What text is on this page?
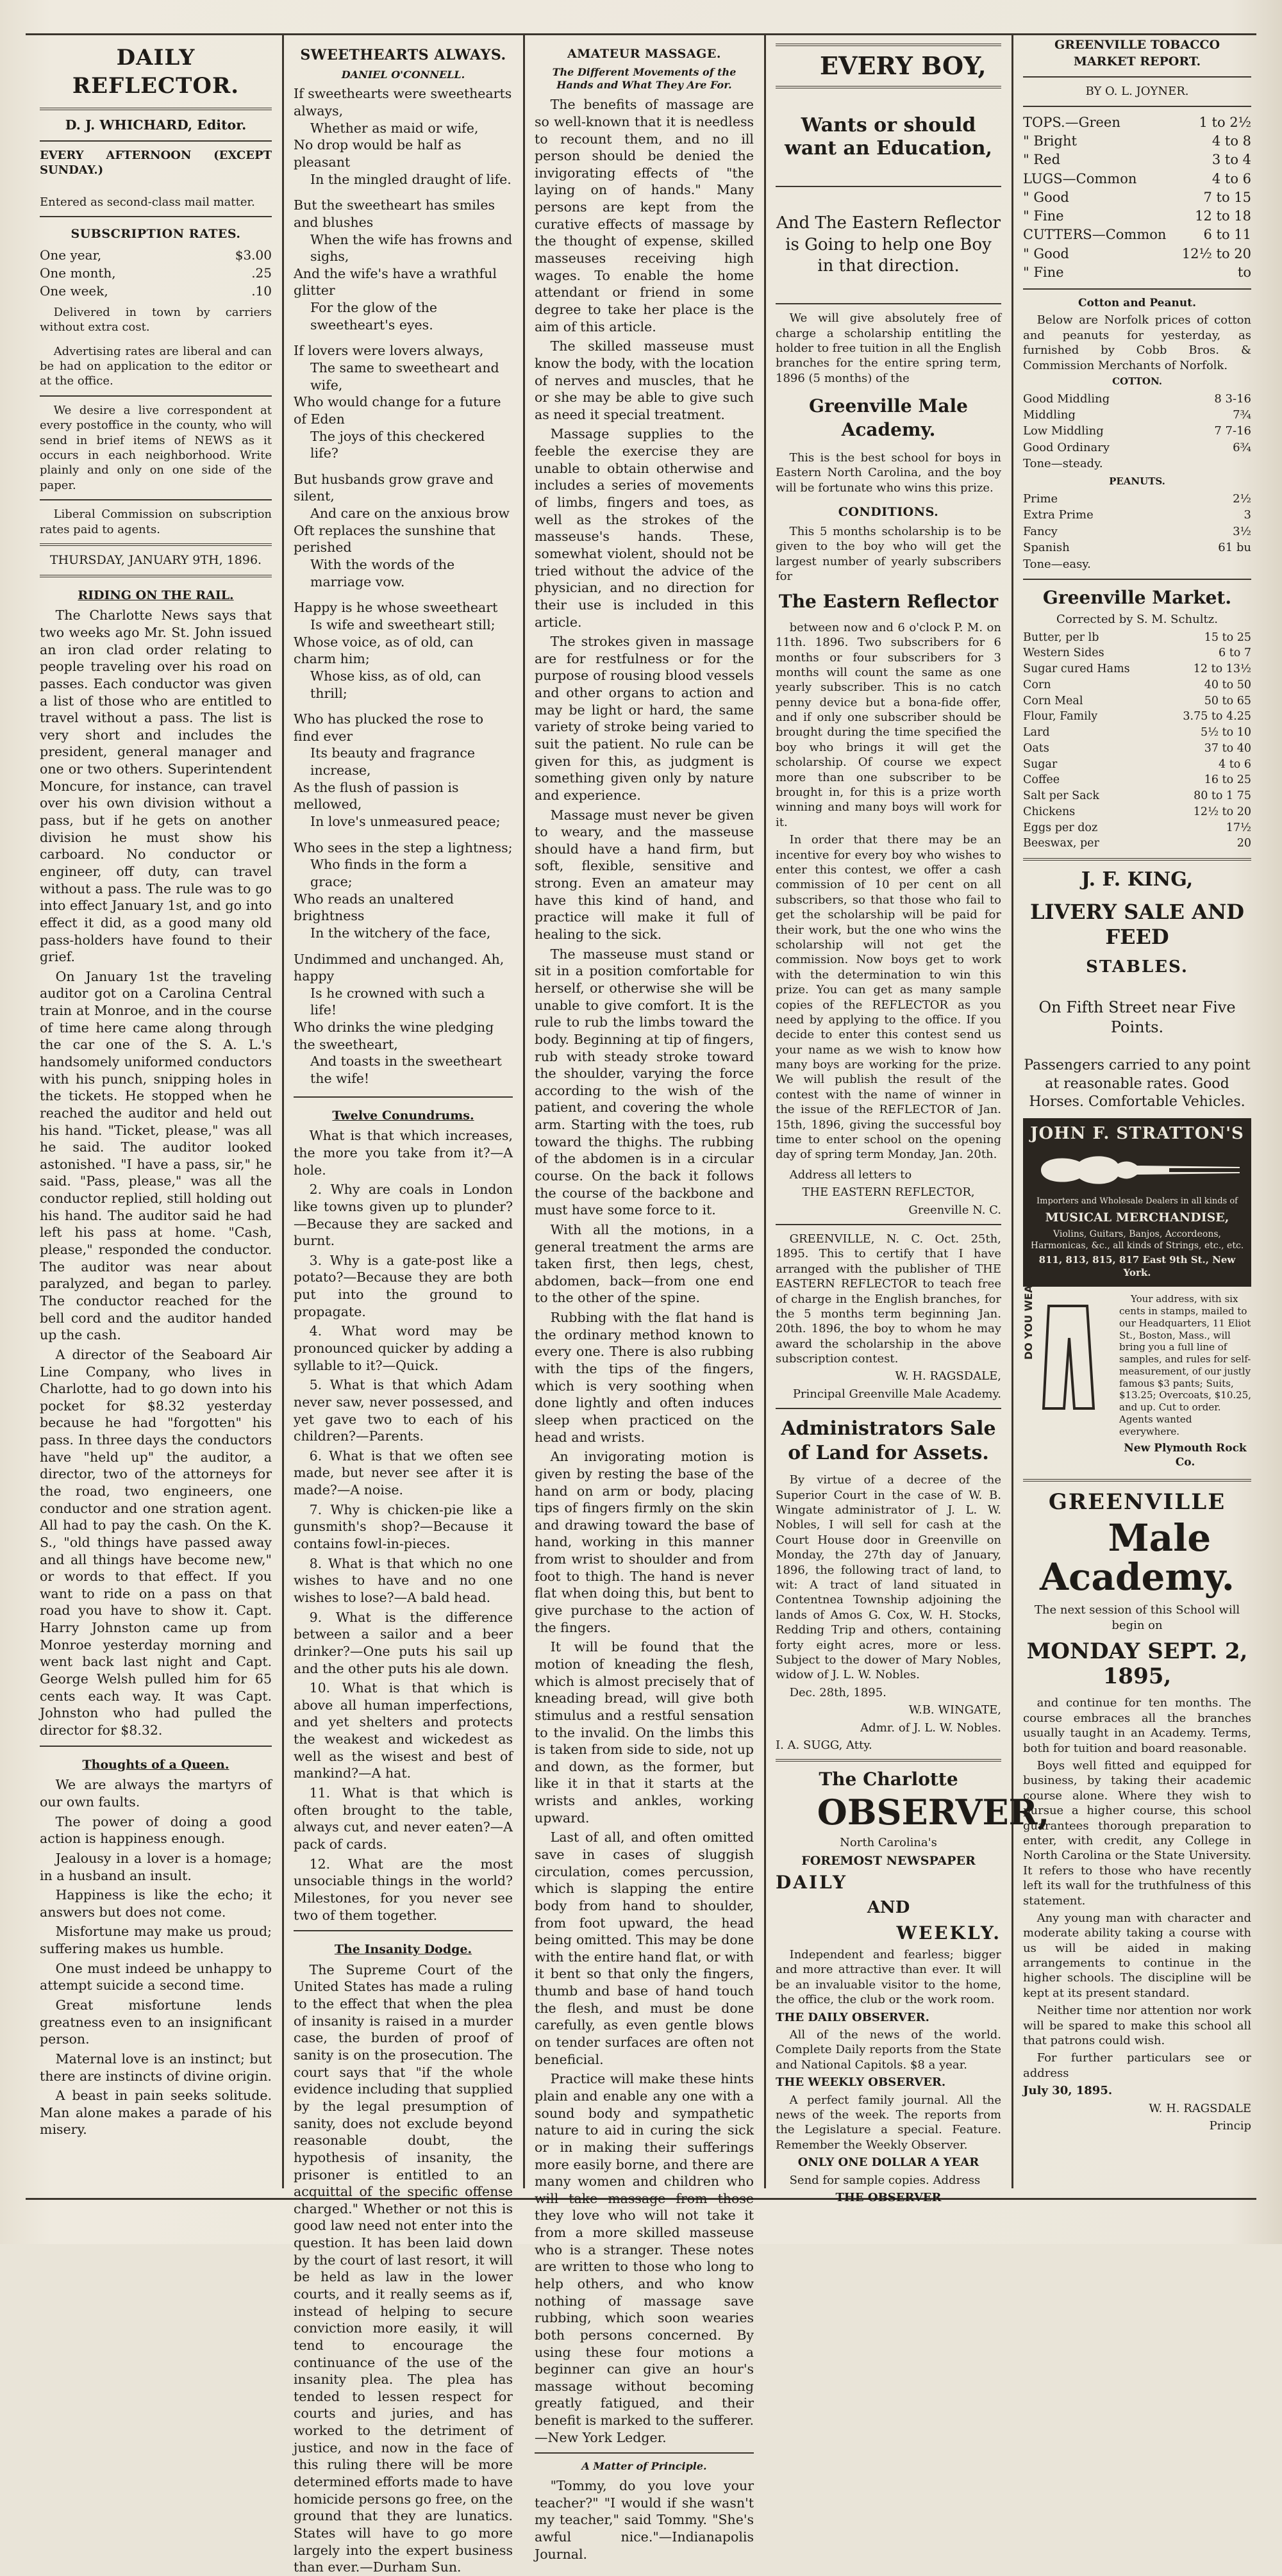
DAILY REFLECTOR.

D. J. WHICHARD, Editor.

EVERY AFTERNOON (EXCEPT SUNDAY.)

Entered as second-class mail matter.

SUBSCRIPTION RATES.
One year,	$3.00
One month,	.25
One week,	.10

Delivered in town by carriers without extra cost.

Advertising rates are liberal and can be had on application to the editor or at the office.

We desire a live correspondent at every postoffice in the county, who will send in brief items of NEWS as it occurs in each neighborhood. Write plainly and only on one side of the paper.

Liberal Commission on subscription rates paid to agents.

THURSDAY, JANUARY 9TH, 1896.

RIDING ON THE RAIL.

The Charlotte News says that two weeks ago Mr. St. John issued an iron clad order relating to people traveling over his road on passes. Each conductor was given a list of those who are entitled to travel without a pass. The list is very short and includes the president, general manager and one or two others. Superintendent Moncure, for instance, can travel over his own division without a pass, but if he gets on another division he must show his carboard. No conductor or engineer, off duty, can travel without a pass. The rule was to go into effect January 1st, and go into effect it did, as a good many old pass-holders have found to their grief.

On January 1st the traveling auditor got on a Carolina Central train at Monroe, and in the course of time here came along through the car one of the S. A. L.'s handsomely uniformed conductors with his punch, snipping holes in the tickets. He stopped when he reached the auditor and held out his hand. "Ticket, please," was all he said. The auditor looked astonished. "I have a pass, sir," he said. "Pass, please," was all the conductor replied, still holding out his hand. The auditor said he had left his pass at home. "Cash, please," responded the conductor. The auditor was near about paralyzed, and began to parley. The conductor reached for the bell cord and the auditor handed up the cash.

A director of the Seaboard Air Line Company, who lives in Charlotte, had to go down into his pocket for $8.32 yesterday because he had "forgotten" his pass. In three days the conductors have "held up" the auditor, a director, two of the attorneys for the road, two engineers, one conductor and one stration agent. All had to pay the cash. On the K. S., "old things have passed away and all things have become new," or words to that effect. If you want to ride on a pass on that road you have to show it. Capt. Harry Johnston came up from Monroe yesterday morning and went back last night and Capt. George Welsh pulled him for 65 cents each way. It was Capt. Johnston who had pulled the director for $8.32.

Thoughts of a Queen.

We are always the martyrs of our own faults.

The power of doing a good action is happiness enough.

Jealousy in a lover is a homage; in a husband an insult.

Happiness is like the echo; it answers but does not come.

Misfortune may make us proud; suffering makes us humble.

One must indeed be unhappy to attempt suicide a second time.

Great misfortune lends greatness even to an insignificant person.

Maternal love is an instinct; but there are instincts of divine origin.

A beast in pain seeks solitude. Man alone makes a parade of his misery.

SWEETHEARTS ALWAYS.
DANIEL O'CONNELL.
If sweethearts were sweethearts always,
Whether as maid or wife,
No drop would be half as pleasant
In the mingled draught of life.
But the sweetheart has smiles and blushes
When the wife has frowns and sighs,
And the wife's have a wrathful glitter
For the glow of the sweetheart's eyes.
If lovers were lovers always,
The same to sweetheart and wife,
Who would change for a future of Eden
The joys of this checkered life?
But husbands grow grave and silent,
And care on the anxious brow
Oft replaces the sunshine that perished
With the words of the marriage vow.
Happy is he whose sweetheart
Is wife and sweetheart still;
Whose voice, as of old, can charm him;
Whose kiss, as of old, can thrill;
Who has plucked the rose to find ever
Its beauty and fragrance increase,
As the flush of passion is mellowed,
In love's unmeasured peace;
Who sees in the step a lightness;
Who finds in the form a grace;
Who reads an unaltered brightness
In the witchery of the face,
Undimmed and unchanged. Ah, happy
Is he crowned with such a life!
Who drinks the wine pledging the sweetheart,
And toasts in the sweetheart the wife!
Twelve Conundrums.

What is that which increases, the more you take from it?—A hole.

2. Why are coals in London like towns given up to plunder?—Because they are sacked and burnt.

3. Why is a gate-post like a potato?—Because they are both put into the ground to propagate.

4. What word may be pronounced quicker by adding a syllable to it?—Quick.

5. What is that which Adam never saw, never possessed, and yet gave two to each of his children?—Parents.

6. What is that we often see made, but never see after it is made?—A noise.

7. Why is chicken-pie like a gunsmith's shop?—Because it contains fowl-in-pieces.

8. What is that which no one wishes to have and no one wishes to lose?—A bald head.

9. What is the difference between a sailor and a beer drinker?—One puts his sail up and the other puts his ale down.

10. What is that which is above all human imperfections, and yet shelters and protects the weakest and wickedest as well as the wisest and best of mankind?—A hat.

11. What is that which is often brought to the table, always cut, and never eaten?—A pack of cards.

12. What are the most unsociable things in the world? Milestones, for you never see two of them together.

The Insanity Dodge.

The Supreme Court of the United States has made a ruling to the effect that when the plea of insanity is raised in a murder case, the burden of proof of sanity is on the prosecution. The court says that "if the whole evidence including that supplied by the legal presumption of sanity, does not exclude beyond reasonable doubt, the hypothesis of insanity, the prisoner is entitled to an acquittal of the specific offense charged." Whether or not this is good law need not enter into the question. It has been laid down by the court of last resort, it will be held as law in the lower courts, and it really seems as if, instead of helping to secure conviction more easily, it will tend to encourage the continuance of the use of the insanity plea. The plea has tended to lessen respect for courts and juries, and has worked to the detriment of justice, and now in the face of this ruling there will be more determined efforts made to have homicide persons go free, on the ground that they are lunatics. States will have to go more largely into the expert business than ever.—Durham Sun.

AMATEUR MASSAGE.
The Different Movements of the Hands and What They Are For.

The benefits of massage are so well-known that it is needless to recount them, and no ill person should be denied the invigorating effects of "the laying on of hands." Many persons are kept from the curative effects of massage by the thought of expense, skilled masseuses receiving high wages. To enable the home attendant or friend in some degree to take her place is the aim of this article.

The skilled masseuse must know the body, with the location of nerves and muscles, that he or she may be able to give such as need it special treatment.

Massage supplies to the feeble the exercise they are unable to obtain otherwise and includes a series of movements of limbs, fingers and toes, as well as the strokes of the masseuse's hands. These, somewhat violent, should not be tried without the advice of the physician, and no direction for their use is included in this article.

The strokes given in massage are for restfulness or for the purpose of rousing blood vessels and other organs to action and may be light or hard, the same variety of stroke being varied to suit the patient. No rule can be given for this, as judgment is something given only by nature and experience.

Massage must never be given to weary, and the masseuse should have a hand firm, but soft, flexible, sensitive and strong. Even an amateur may have this kind of hand, and practice will make it full of healing to the sick.

The masseuse must stand or sit in a position comfortable for herself, or otherwise she will be unable to give comfort. It is the rule to rub the limbs toward the body. Beginning at tip of fingers, rub with steady stroke toward the shoulder, varying the force according to the wish of the patient, and covering the whole arm. Starting with the toes, rub toward the thighs. The rubbing of the abdomen is in a circular course. On the back it follows the course of the backbone and must have some force to it.

With all the motions, in a general treatment the arms are taken first, then legs, chest, abdomen, back—from one end to the other of the spine.

Rubbing with the flat hand is the ordinary method known to every one. There is also rubbing with the tips of the fingers, which is very soothing when done lightly and often induces sleep when practiced on the head and wrists.

An invigorating motion is given by resting the base of the hand on arm or body, placing tips of fingers firmly on the skin and drawing toward the base of hand, working in this manner from wrist to shoulder and from foot to thigh. The hand is never flat when doing this, but bent to give purchase to the action of the fingers.

It will be found that the motion of kneading the flesh, which is almost precisely that of kneading bread, will give both stimulus and a restful sensation to the invalid. On the limbs this is taken from side to side, not up and down, as the former, but like it in that it starts at the wrists and ankles, working upward.

Last of all, and often omitted save in cases of sluggish circulation, comes percussion, which is slapping the entire body from hand to shoulder, from foot upward, the head being omitted. This may be done with the entire hand flat, or with it bent so that only the fingers, thumb and base of hand touch the flesh, and must be done carefully, as even gentle blows on tender surfaces are often not beneficial.

Practice will make these hints plain and enable any one with a sound body and sympathetic nature to aid in curing the sick or in making their sufferings more easily borne, and there are many women and children who will take massage from those they love who will not take it from a more skilled masseuse who is a stranger. These notes are written to those who long to help others, and who know nothing of massage save rubbing, which soon wearies both persons concerned. By using these four motions a beginner can give an hour's massage without becoming greatly fatigued, and their benefit is marked to the sufferer.—New York Ledger.

A Matter of Principle.

"Tommy, do you love your teacher?" "I would if she wasn't my teacher," said Tommy. "She's awful nice."—Indianapolis Journal.

EVERY BOY,

Wants or should want an Education,

And The Eastern Reflector is Going to help one Boy in that direction.

We will give absolutely free of charge a scholarship entitling the holder to free tuition in all the English branches for the entire spring term, 1896 (5 months) of the

Greenville Male Academy.

This is the best school for boys in Eastern North Carolina, and the boy will be fortunate who wins this prize.

CONDITIONS.

This 5 months scholarship is to be given to the boy who will get the largest number of yearly subscribers for

The Eastern Reflector

between now and 6 o'clock P. M. on 11th. 1896. Two subscribers for 6 months or four subscribers for 3 months will count the same as one yearly subscriber. This is no catch penny device but a bona-fide offer, and if only one subscriber should be brought during the time specified the boy who brings it will get the scholarship. Of course we expect more than one subscriber to be brought in, for this is a prize worth winning and many boys will work for it.

In order that there may be an incentive for every boy who wishes to enter this contest, we offer a cash commission of 10 per cent on all subscribers, so that those who fail to get the scholarship will be paid for their work, but the one who wins the scholarship will not get the commission. Now boys get to work with the determination to win this prize. You can get as many sample copies of the REFLECTOR as you need by applying to the office. If you decide to enter this contest send us your name as we wish to know how many boys are working for the prize. We will publish the result of the contest with the name of winner in the issue of the REFLECTOR of Jan. 15th, 1896, giving the successful boy time to enter school on the opening day of spring term Monday, Jan. 20th.

Address all letters to

THE EASTERN REFLECTOR,

Greenville N. C.

GREENVILLE, N. C. Oct. 25th, 1895. This to certify that I have arranged with the publisher of THE EASTERN REFLECTOR to teach free of charge in the English branches, for the 5 months term beginning Jan. 20th. 1896, the boy to whom he may award the scholarship in the above subscription contest.

W. H. RAGSDALE,

Principal Greenville Male Academy.

Administrators Sale of Land for Assets.

By virtue of a decree of the Superior Court in the case of W. B. Wingate administrator of J. L. W. Nobles, I will sell for cash at the Court House door in Greenville on Monday, the 27th day of January, 1896, the following tract of land, to wit: A tract of land situated in Contentnea Township adjoining the lands of Amos G. Cox, W. H. Stocks, Redding Trip and others, containing forty eight acres, more or less. Subject to the dower of Mary Nobles, widow of J. L. W. Nobles.

Dec. 28th, 1895.

W.B. WINGATE,

Admr. of J. L. W. Nobles.

I. A. SUGG, Atty.

The Charlotte

OBSERVER,

North Carolina's

FOREMOST NEWSPAPER

DAILY

AND

WEEKLY.

Independent and fearless; bigger and more attractive than ever. It will be an invaluable visitor to the home, the office, the club or the work room.

THE DAILY OBSERVER.

All of the news of the world. Complete Daily reports from the State and National Capitols. $8 a year.

THE WEEKLY OBSERVER.

A perfect family journal. All the news of the week. The reports from the Legislature a special. Feature. Remember the Weekly Observer.

ONLY ONE DOLLAR A YEAR

Send for sample copies. Address

THE OBSERVER

GREENVILLE TOBACCO MARKET REPORT.

BY O. L. JOYNER.

TOPS.—Green	1 to 2½
" Bright	4 to 8
" Red	3 to 4
LUGS—Common	4 to 6
" Good	7 to 15
" Fine	12 to 18
CUTTERS—Common	6 to 11
" Good	12½ to 20
" Fine	to

Cotton and Peanut.

Below are Norfolk prices of cotton and peanuts for yesterday, as furnished by Cobb Bros. & Commission Merchants of Norfolk.

COTTON.

Good Middling	8 3-16
Middling	7¾
Low Middling	7 7-16
Good Ordinary	6¾
Tone—steady.	

PEANUTS.

Prime	2½
Extra Prime	3
Fancy	3½
Spanish	61 bu
Tone—easy.	

Greenville Market.

Corrected by S. M. Schultz.

Butter, per lb	15 to 25
Western Sides	6 to 7
Sugar cured Hams	12 to 13½
Corn	40 to 50
Corn Meal	50 to 65
Flour, Family	3.75 to 4.25
Lard	5½ to 10
Oats	37 to 40
Sugar	4 to 6
Coffee	16 to 25
Salt per Sack	80 to 1 75
Chickens	12½ to 20
Eggs per doz	17½
Beeswax, per	20

J. F. KING,

LIVERY SALE AND FEED

STABLES.

On Fifth Street near Five Points.

Passengers carried to any point at reasonable rates. Good Horses. Comfortable Vehicles.

JOHN F. STRATTON'S

Importers and Wholesale Dealers in all kinds of

MUSICAL MERCHANDISE,

Violins, Guitars, Banjos, Accordeons, Harmonicas, &c., all kinds of Strings, etc., etc.

811, 813, 815, 817 East 9th St., New York.

DO YOU WEAR PANTS?	Your address, with six cents in stamps, mailed to our Headquarters, 11 Eliot St., Boston, Mass., will bring you a full line of samples, and rules for self-measurement, of our justly famous $3 pants; Suits, $13.25; Overcoats, $10.25, and up. Cut to order. Agents wanted everywhere.

New Plymouth Rock Co.

GREENVILLE

Male Academy.

The next session of this School will begin on

MONDAY SEPT. 2, 1895,

and continue for ten months. The course embraces all the branches usually taught in an Academy. Terms, both for tuition and board reasonable.

Boys well fitted and equipped for business, by taking their academic course alone. Where they wish to pursue a higher course, this school guarantees thorough preparation to enter, with credit, any College in North Carolina or the State University. It refers to those who have recently left its wall for the truthfulness of this statement.

Any young man with character and moderate ability taking a course with us will be aided in making arrangements to continue in the higher schools. The discipline will be kept at its present standard.

Neither time nor attention nor work will be spared to make this school all that patrons could wish.

For further particulars see or address

July 30, 1895.

W. H. RAGSDALE

Princip
